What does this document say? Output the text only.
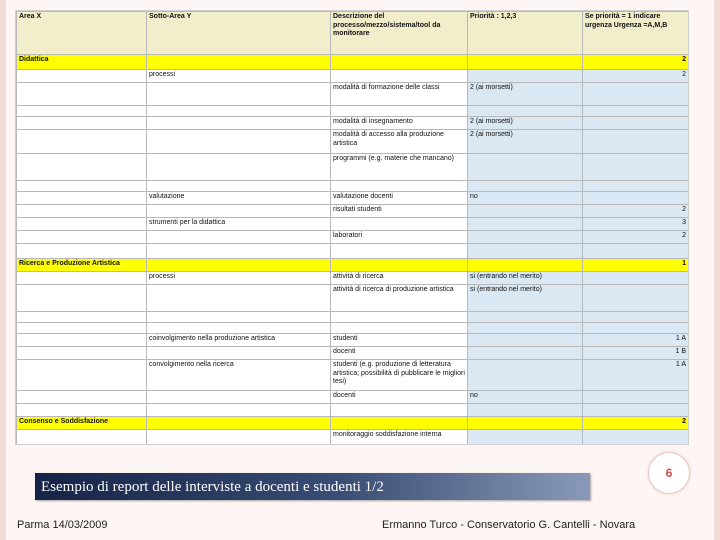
Area X	Sotto-Area Y	Descrizione del processo/mezzo/sistema/tool da monitorare	Priorità : 1,2,3	Se priorità = 1 indicare urgenza Urgenza =A,M,B
Didattica				2
	processi			2
		modalità di formazione delle classi	2 (ai morsetti)	

		modalità di insegnamento	2 (ai morsetti)	
		modalità di accesso alla produzione artistica	2 (ai morsetti)	
		programmi (e.g. materie che mancano)		

	valutazione	valutazione docenti	no	
		risultati studenti		2
	strumenti per la didattica			3
		laboratori		2

Ricerca e Produzione Artistica				1
	processi	attività di ricerca	si (entrando nel merito)	
		attività di ricerca di produzione artistica	si (entrando nel merito)	

	coinvolgimento nella produzione artistica	studenti		1 A
		docenti		1 B
	convolgimento nella ricerca	studenti (e.g. produzione di letteratura artistica; possibilità di pubblicare le migliori tesi)		1 A
		docenti	no	

Consenso e Soddisfazione				2
		monitoraggio soddisfazione interna		

Esempio di report delle interviste a docenti e studenti 1/2
6
Parma 14/03/2009	Ermanno Turco - Conservatorio G. Cantelli - Novara
